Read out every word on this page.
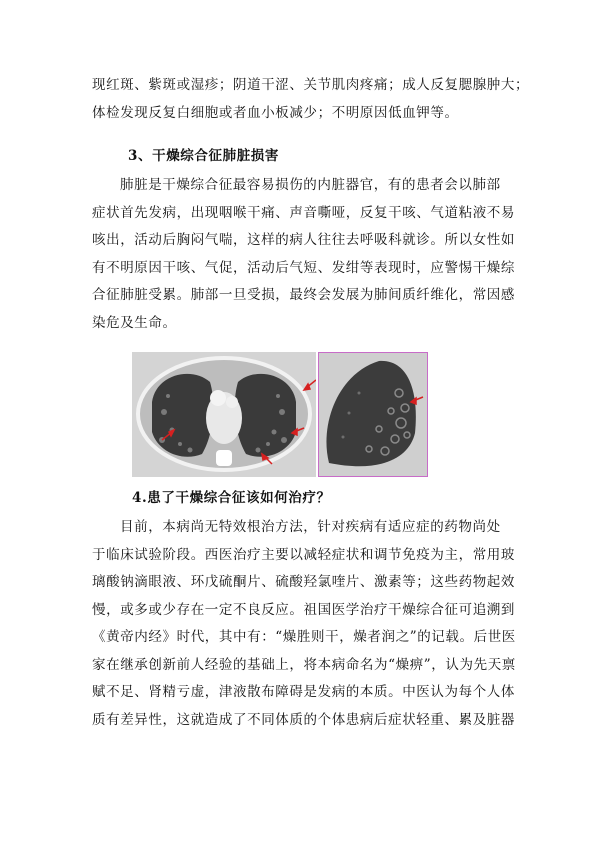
现红斑、紫斑或湿疹；阴道干涩、关节肌肉疼痛；成人反复腮腺肿大；
体检发现反复白细胞或者血小板减少；不明原因低血钾等。
3、干燥综合征肺脏损害
肺脏是干燥综合征最容易损伤的内脏器官，有的患者会以肺部
症状首先发病，出现咽喉干痛、声音嘶哑，反复干咳、气道粘液不易
咳出，活动后胸闷气喘，这样的病人往往去呼吸科就诊。所以女性如
有不明原因干咳、气促，活动后气短、发绀等表现时，应警惕干燥综
合征肺脏受累。肺部一旦受损，最终会发展为肺间质纤维化，常因感
染危及生命。
4.患了干燥综合征该如何治疗？
目前，本病尚无特效根治方法，针对疾病有适应症的药物尚处
于临床试验阶段。西医治疗主要以减轻症状和调节免疫为主，常用玻
璃酸钠滴眼液、环戊硫酮片、硫酸羟氯喹片、激素等；这些药物起效
慢，或多或少存在一定不良反应。祖国医学治疗干燥综合征可追溯到
《黄帝内经》时代，其中有：“燥胜则干，燥者润之”的记载。后世医
家在继承创新前人经验的基础上，将本病命名为“燥痹”，认为先天禀
赋不足、肾精亏虚，津液散布障碍是发病的本质。中医认为每个人体
质有差异性，这就造成了不同体质的个体患病后症状轻重、累及脏器
